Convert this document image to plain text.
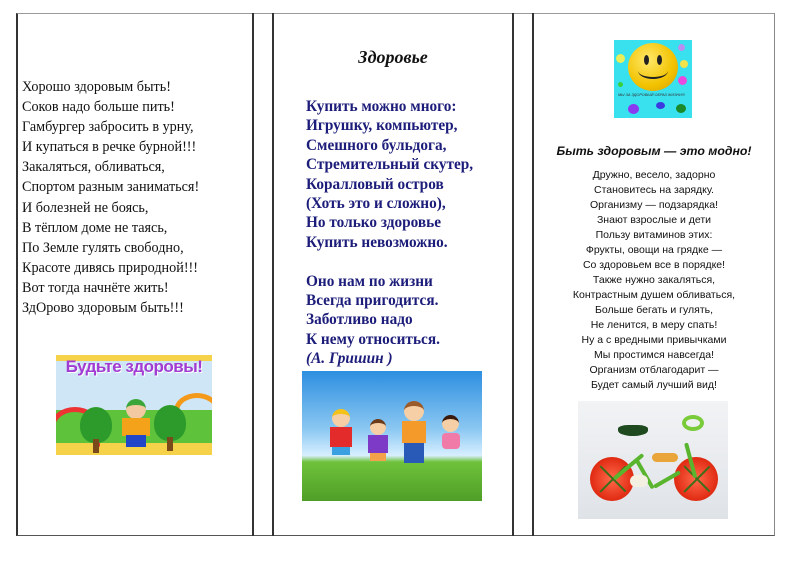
Хорошо здоровым быть!
Соков надо больше пить!
Гамбургер забросить в урну,
И купаться в речке бурной!!!
Закаляться, обливаться,
Спортом разным заниматься!
И болезней не боясь,
В тёплом доме не таясь,
По Земле гулять свободно,
Красоте дивясь природной!!!
Вот тогда начнёте жить!
ЗдОрово здоровым быть!!!
Будьте здоровы!
Здоровье
Купить можно много:
Игрушку, компьютер,
Смешного бульдога,
Стремительный скутер,
Коралловый остров
(Хоть это и сложно),
Но только здоровье
Купить невозможно.
Оно нам по жизни
Всегда пригодится.
Заботливо надо
К нему относиться.
(А. Гришин )
МЫ ЗА ЗДОРОВЫЙ ОБРАЗ ЖИЗНИ!!!
Быть здоровым — это модно!
Дружно, весело, задорно
Становитесь на зарядку.
Организму — подзарядка!
Знают взрослые и дети
Пользу витаминов этих:
Фрукты, овощи на грядке —
Со здоровьем все в порядке!
Также нужно закаляться,
Контрастным душем обливаться,
Больше бегать и гулять,
Не ленится, в меру спать!
Ну а с вредными привычками
Мы простимся навсегда!
Организм отблагодарит —
Будет самый лучший вид!
